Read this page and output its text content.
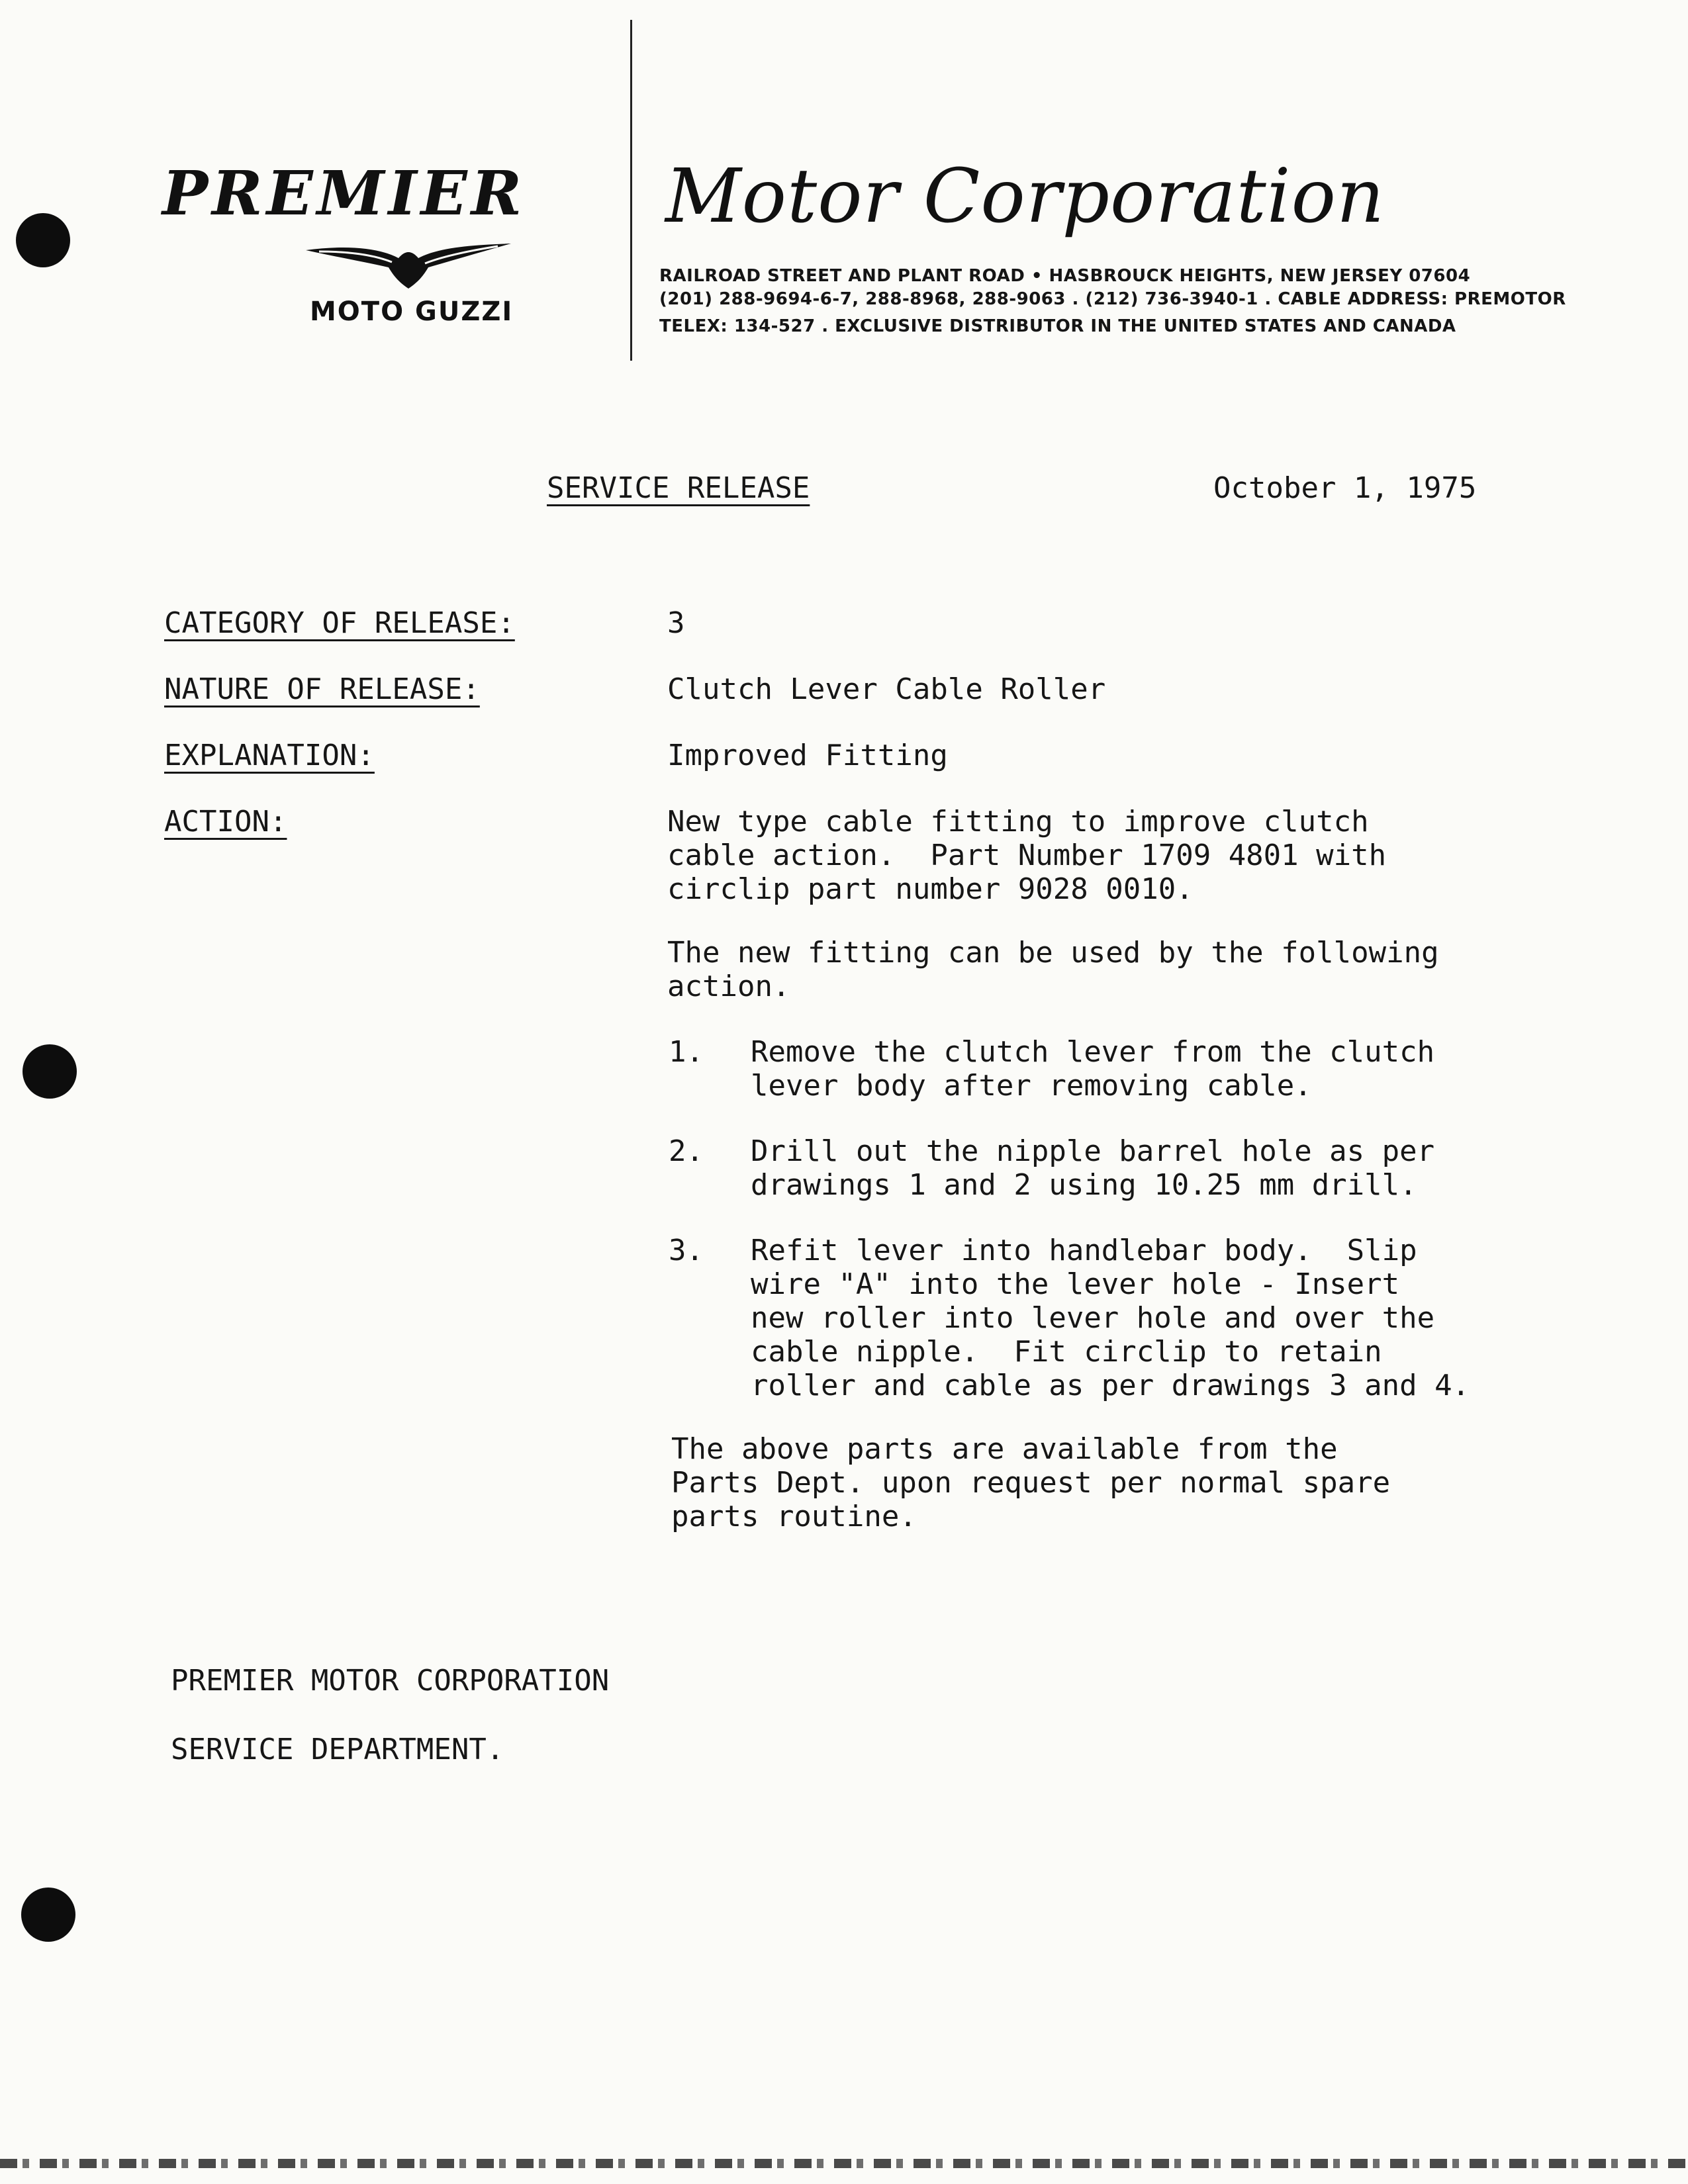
PREMIER
MOTO GUZZI
Motor Corporation
RAILROAD STREET AND PLANT ROAD • HASBROUCK HEIGHTS, NEW JERSEY 07604
(201) 288-9694-6-7, 288-8968, 288-9063 . (212) 736-3940-1 . CABLE ADDRESS: PREMOTOR
TELEX: 134-527 . EXCLUSIVE DISTRIBUTOR IN THE UNITED STATES AND CANADA
SERVICE RELEASE	October 1, 1975
CATEGORY OF RELEASE:	3
NATURE OF RELEASE:	Clutch Lever Cable Roller
EXPLANATION:	Improved Fitting
ACTION:	New type cable fitting to improve clutch
cable action.  Part Number 1709 4801 with
circlip part number 9028 0010.
The new fitting can be used by the following
action.
1. Remove the clutch lever from the clutch
lever body after removing cable.
2. Drill out the nipple barrel hole as per
drawings 1 and 2 using 10.25 mm drill.
3. Refit lever into handlebar body.  Slip
wire "A" into the lever hole - Insert
new roller into lever hole and over the
cable nipple.  Fit circlip to retain
roller and cable as per drawings 3 and 4.
The above parts are available from the
Parts Dept. upon request per normal spare
parts routine.
PREMIER MOTOR CORPORATION
SERVICE DEPARTMENT.
